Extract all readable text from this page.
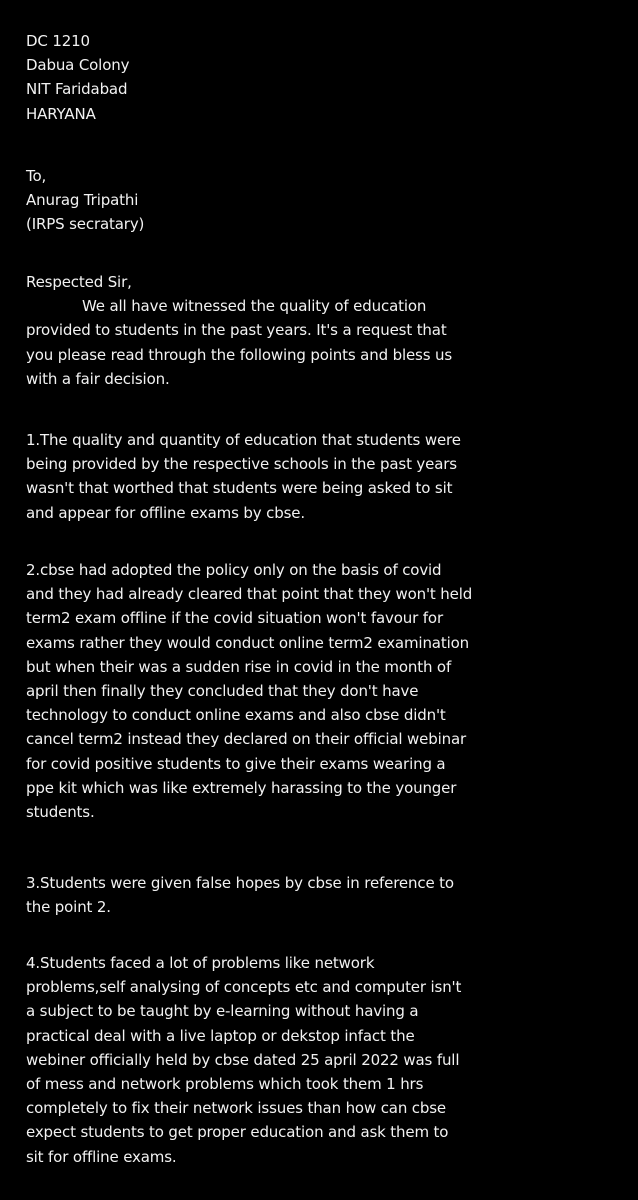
DC 1210
Dabua Colony
NIT Faridabad
HARYANA
To,
Anurag Tripathi
(IRPS secratary)
Respected Sir,
We all have witnessed the quality of education
provided to students in the past years. It's a request that
you please read through the following points and bless us
with a fair decision.
1.The quality and quantity of education that students were
being provided by the respective schools in the past years
wasn't that worthed that students were being asked to sit
and appear for offline exams by cbse.
2.cbse had adopted the policy only on the basis of covid
and they had already cleared that point that they won't held
term2 exam offline if the covid situation won't favour for
exams rather they would conduct online term2 examination
but when their was a sudden rise in covid in the month of
april then finally they concluded that they don't have
technology to conduct online exams and also cbse didn't
cancel term2 instead they declared on their official webinar
for covid positive students to give their exams wearing a
ppe kit which was like extremely harassing to the younger
students.
3.Students were given false hopes by cbse in reference to
the point 2.
4.Students faced a lot of problems like network
problems,self analysing of concepts etc and computer isn't
a subject to be taught by e-learning without having a
practical deal with a live laptop or dekstop infact the
webiner officially held by cbse dated 25 april 2022 was full
of mess and network problems which took them 1 hrs
completely to fix their network issues than how can cbse
expect students to get proper education and ask them to
sit for offline exams.
